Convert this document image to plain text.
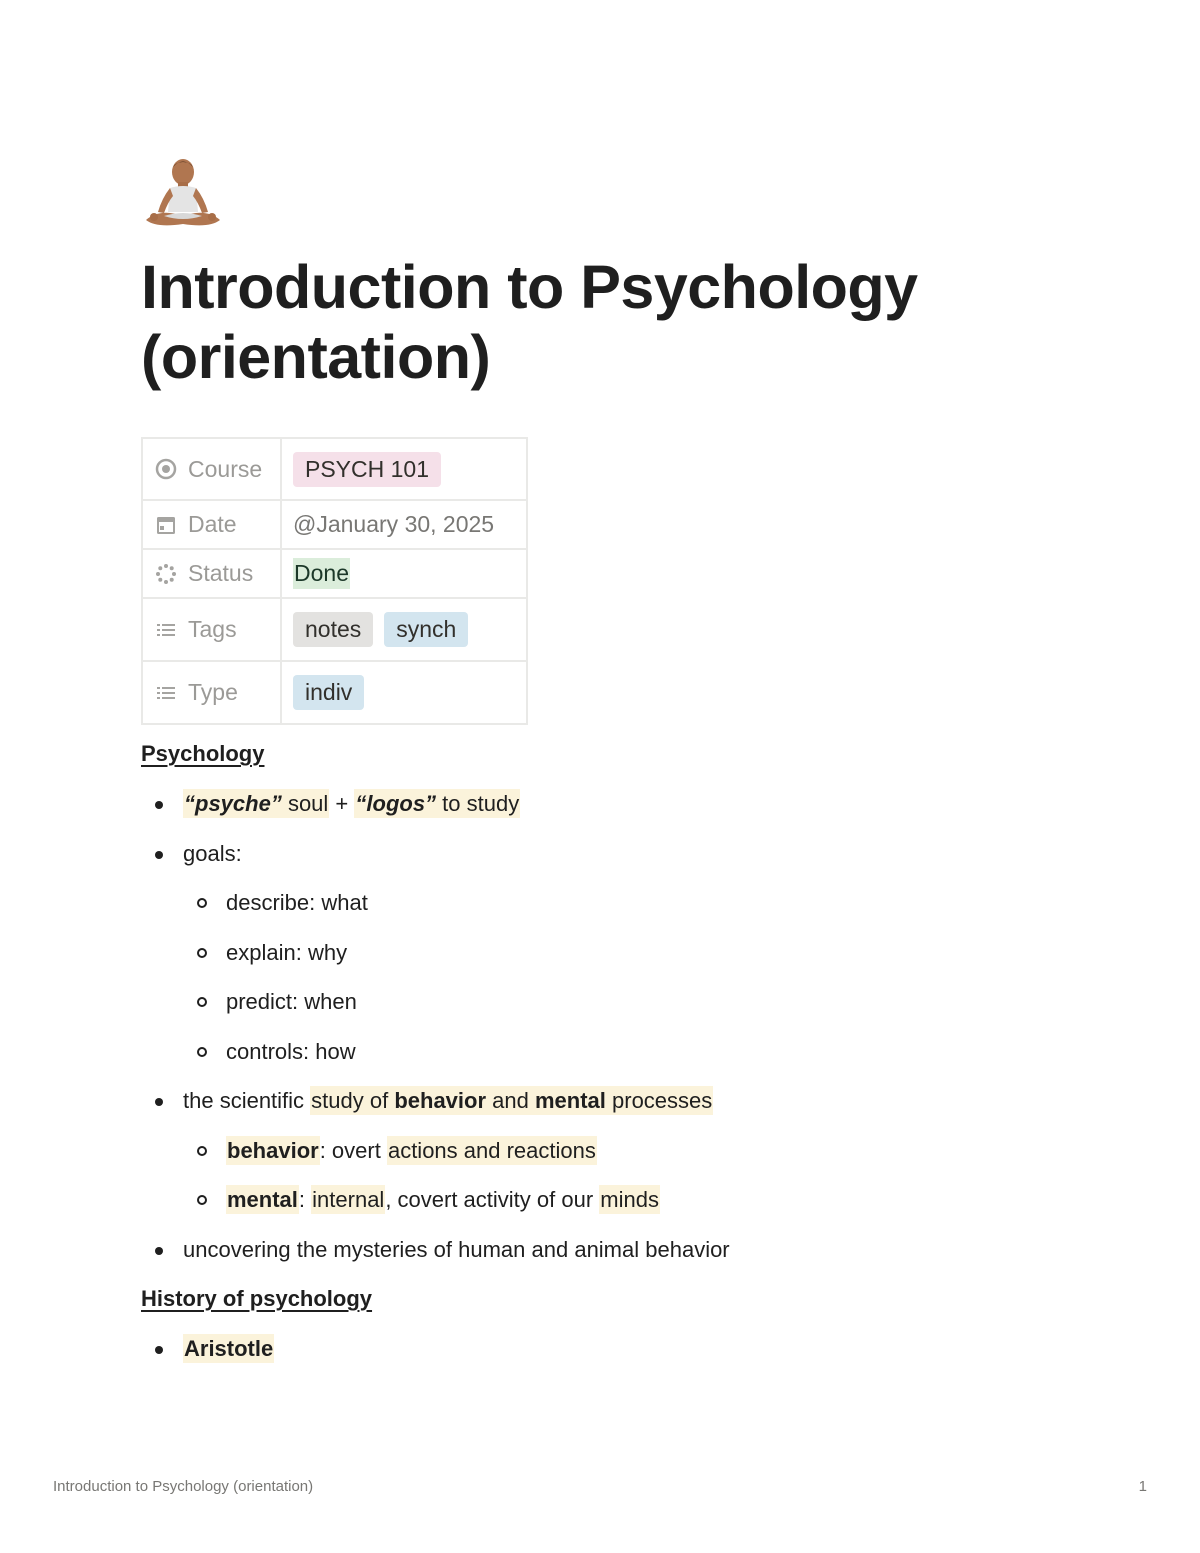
Introduction to Psychology (orientation)
Course	PSYCH 101

Date	@January 30, 2025

Status	Done

Tags	notes synch

Type	indiv
Psychology
“psyche” soul + “logos” to study
goals:
describe: what
explain: why
predict: when
controls: how
the scientific study of behavior and mental processes
behavior: overt actions and reactions
mental: internal, covert activity of our minds
uncovering the mysteries of human and animal behavior
History of psychology
Aristotle
Introduction to Psychology (orientation)	1
